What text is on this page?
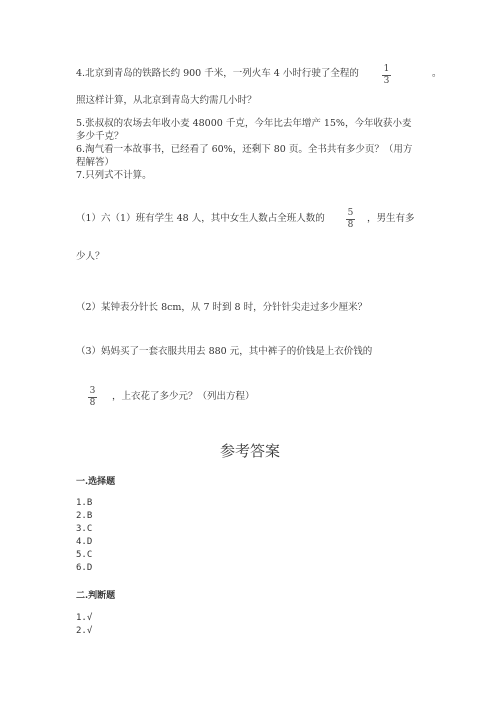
4.北京到青岛的铁路长约 900 千米，一列火车 4 小时行驶了全程的	1
3
。
照这样计算，从北京到青岛大约需几小时？
5.张叔叔的农场去年收小麦 48000 千克，今年比去年增产 15%，今年收获小麦
多少千克？
6.淘气看一本故事书，已经看了 60%，还剩下 80 页。全书共有多少页？（用方
程解答）
7.只列式不计算。
（1）六（1）班有学生 48 人，其中女生人数占全班人数的	5
8
，男生有多
少人？
（2）某钟表分针长 8cm，从 7 时到 8 时，分针针尖走过多少厘米？
（3）妈妈买了一套衣服共用去 880 元，其中裤子的价钱是上衣价钱的
3
8
，上衣花了多少元？（列出方程）
参考答案
一.选择题
1.B
2.B
3.C
4.D
5.C
6.D
二.判断题
1.√
2.√
